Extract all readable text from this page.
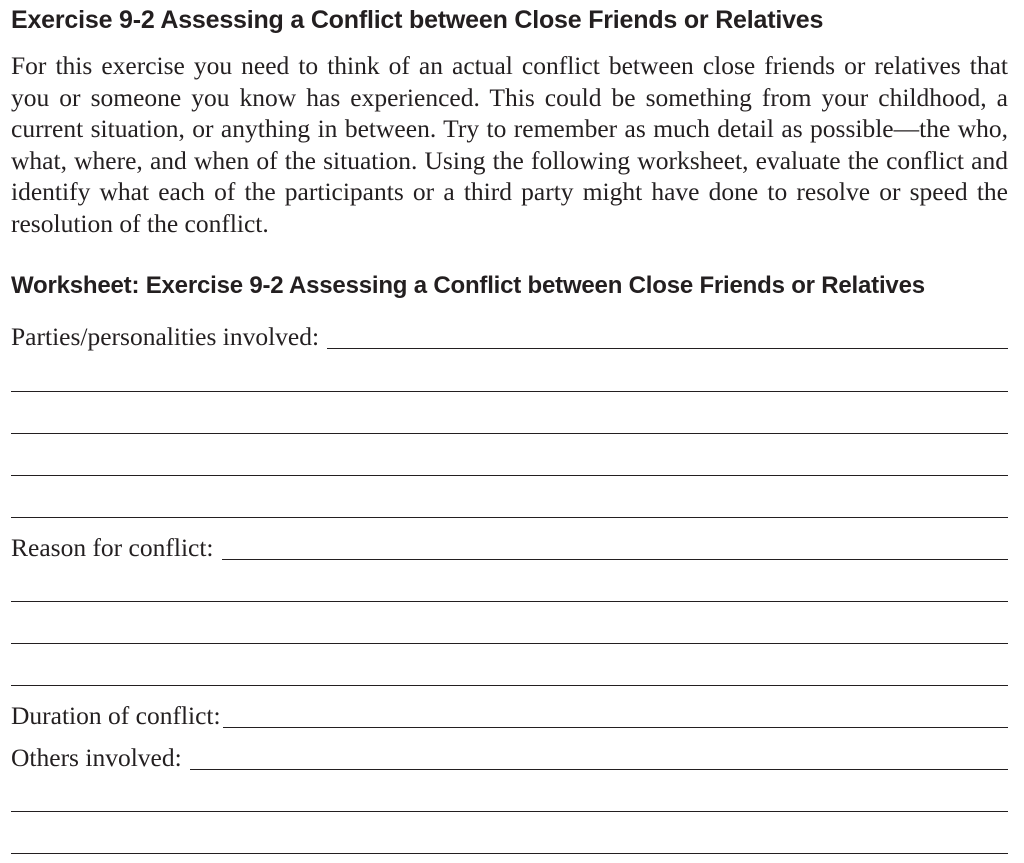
Exercise 9-2 Assessing a Conflict between Close Friends or Relatives

For this exercise you need to think of an actual conflict between close friends or relatives that you or someone you know has experienced. This could be something from your childhood, a current situation, or anything in between. Try to remember as much detail as possible—the who, what, where, and when of the situation. Using the following worksheet, evaluate the conflict and identify what each of the participants or a third party might have done to resolve or speed the resolution of the conflict.

Worksheet: Exercise 9-2 Assessing a Conflict between Close Friends or Relatives
Parties/personalities involved:
Reason for conflict:
Duration of conflict:
Others involved:
